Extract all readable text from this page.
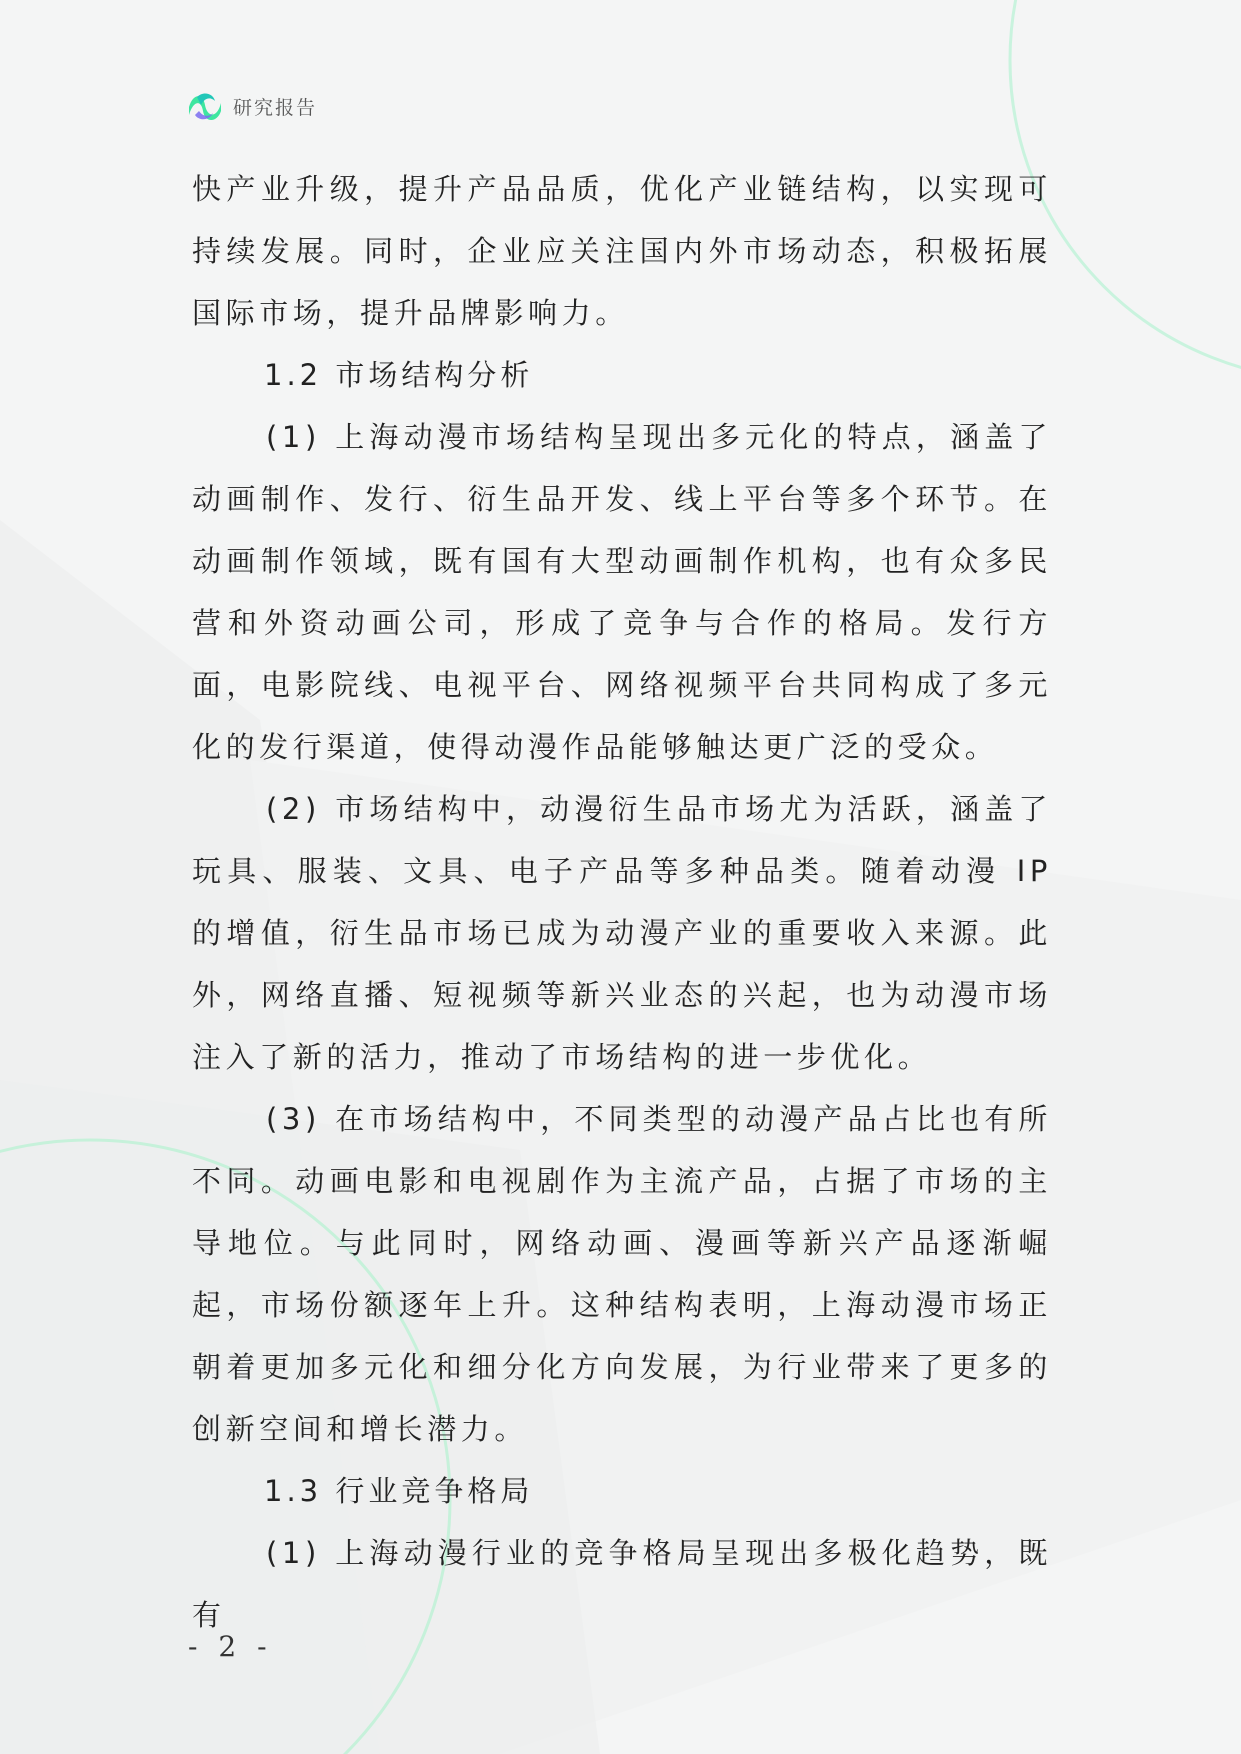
研究报告

快产业升级，提升产品品质，优化产业链结构，以实现可持续发展。同时，企业应关注国内外市场动态，积极拓展国际市场，提升品牌影响力。

1.2 市场结构分析

(1) 上海动漫市场结构呈现出多元化的特点，涵盖了动画制作、发行、衍生品开发、线上平台等多个环节。在动画制作领域，既有国有大型动画制作机构，也有众多民营和外资动画公司，形成了竞争与合作的格局。发行方面，电影院线、电视平台、网络视频平台共同构成了多元化的发行渠道，使得动漫作品能够触达更广泛的受众。

(2) 市场结构中，动漫衍生品市场尤为活跃，涵盖了玩具、服装、文具、电子产品等多种品类。随着动漫 IP 的增值，衍生品市场已成为动漫产业的重要收入来源。此外，网络直播、短视频等新兴业态的兴起，也为动漫市场注入了新的活力，推动了市场结构的进一步优化。

(3) 在市场结构中，不同类型的动漫产品占比也有所不同。动画电影和电视剧作为主流产品，占据了市场的主导地位。与此同时，网络动画、漫画等新兴产品逐渐崛起，市场份额逐年上升。这种结构表明，上海动漫市场正朝着更加多元化和细分化方向发展，为行业带来了更多的创新空间和增长潜力。

1.3 行业竞争格局

(1) 上海动漫行业的竞争格局呈现出多极化趋势，既有

- 2 -
